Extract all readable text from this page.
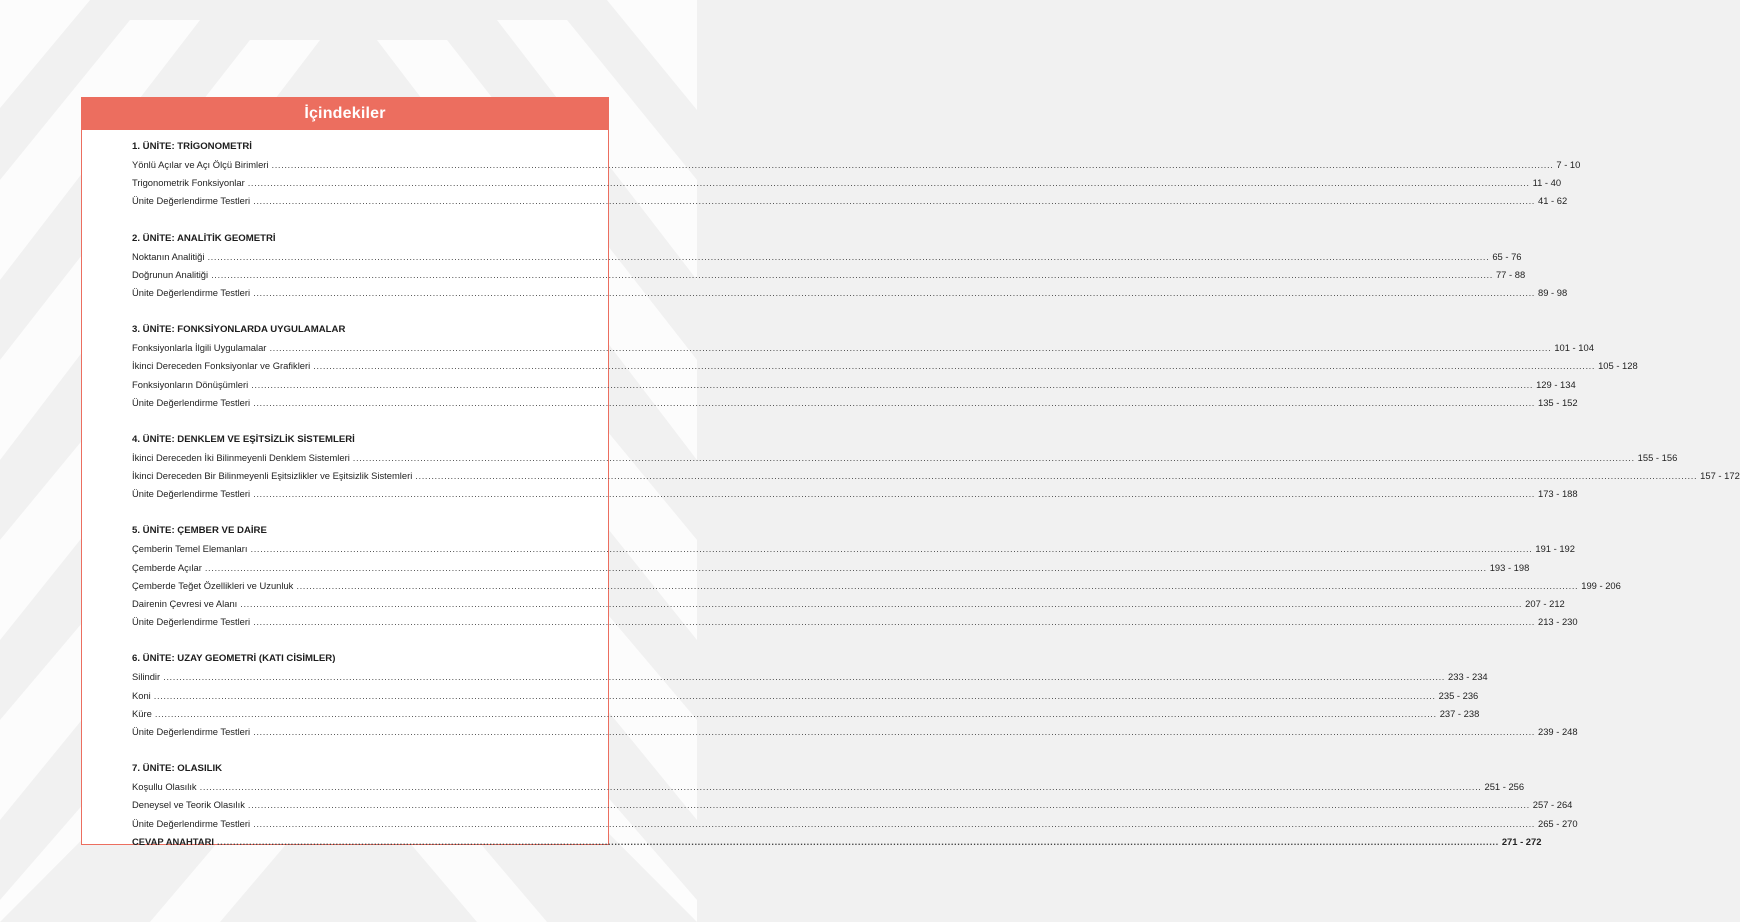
İçindekiler
1. ÜNİTE: TRİGONOMETRİ
Yönlü Açılar ve Açı Ölçü Birimleri ................................................................................................................................................................................................................................................................................................................................................................................................................ 7 - 10
Trigonometrik Fonksiyonlar ................................................................................................................................................................................................................................................................................................................................................................................................................ 11 - 40
Ünite Değerlendirme Testleri ................................................................................................................................................................................................................................................................................................................................................................................................................ 41 - 62
2. ÜNİTE: ANALİTİK GEOMETRİ
Noktanın Analitiği ................................................................................................................................................................................................................................................................................................................................................................................................................ 65 - 76
Doğrunun Analitiği ................................................................................................................................................................................................................................................................................................................................................................................................................ 77 - 88
Ünite Değerlendirme Testleri ................................................................................................................................................................................................................................................................................................................................................................................................................ 89 - 98
3. ÜNİTE: FONKSİYONLARDA UYGULAMALAR
Fonksiyonlarla İlgili Uygulamalar ................................................................................................................................................................................................................................................................................................................................................................................................................ 101 - 104
İkinci Dereceden Fonksiyonlar ve Grafikleri ................................................................................................................................................................................................................................................................................................................................................................................................................ 105 - 128
Fonksiyonların Dönüşümleri ................................................................................................................................................................................................................................................................................................................................................................................................................ 129 - 134
Ünite Değerlendirme Testleri ................................................................................................................................................................................................................................................................................................................................................................................................................ 135 - 152
4. ÜNİTE: DENKLEM VE EŞİTSİZLİK SİSTEMLERİ
İkinci Dereceden İki Bilinmeyenli Denklem Sistemleri ................................................................................................................................................................................................................................................................................................................................................................................................................ 155 - 156
İkinci Dereceden Bir Bilinmeyenli Eşitsizlikler ve Eşitsizlik Sistemleri ................................................................................................................................................................................................................................................................................................................................................................................................................ 157 - 172
Ünite Değerlendirme Testleri ................................................................................................................................................................................................................................................................................................................................................................................................................ 173 - 188
5. ÜNİTE: ÇEMBER VE DAİRE
Çemberin Temel Elemanları ................................................................................................................................................................................................................................................................................................................................................................................................................ 191 - 192
Çemberde Açılar ................................................................................................................................................................................................................................................................................................................................................................................................................ 193 - 198
Çemberde Teğet Özellikleri ve Uzunluk ................................................................................................................................................................................................................................................................................................................................................................................................................ 199 - 206
Dairenin Çevresi ve Alanı ................................................................................................................................................................................................................................................................................................................................................................................................................ 207 - 212
Ünite Değerlendirme Testleri ................................................................................................................................................................................................................................................................................................................................................................................................................ 213 - 230
6. ÜNİTE: UZAY GEOMETRİ (KATI CİSİMLER)
Silindir ................................................................................................................................................................................................................................................................................................................................................................................................................ 233 - 234
Koni ................................................................................................................................................................................................................................................................................................................................................................................................................ 235 - 236
Küre ................................................................................................................................................................................................................................................................................................................................................................................................................ 237 - 238
Ünite Değerlendirme Testleri ................................................................................................................................................................................................................................................................................................................................................................................................................ 239 - 248
7. ÜNİTE: OLASILIK
Koşullu Olasılık ................................................................................................................................................................................................................................................................................................................................................................................................................ 251 - 256
Deneysel ve Teorik Olasılık ................................................................................................................................................................................................................................................................................................................................................................................................................ 257 - 264
Ünite Değerlendirme Testleri ................................................................................................................................................................................................................................................................................................................................................................................................................ 265 - 270
CEVAP ANAHTARI ................................................................................................................................................................................................................................................................................................................................................................................................................ 271 - 272
